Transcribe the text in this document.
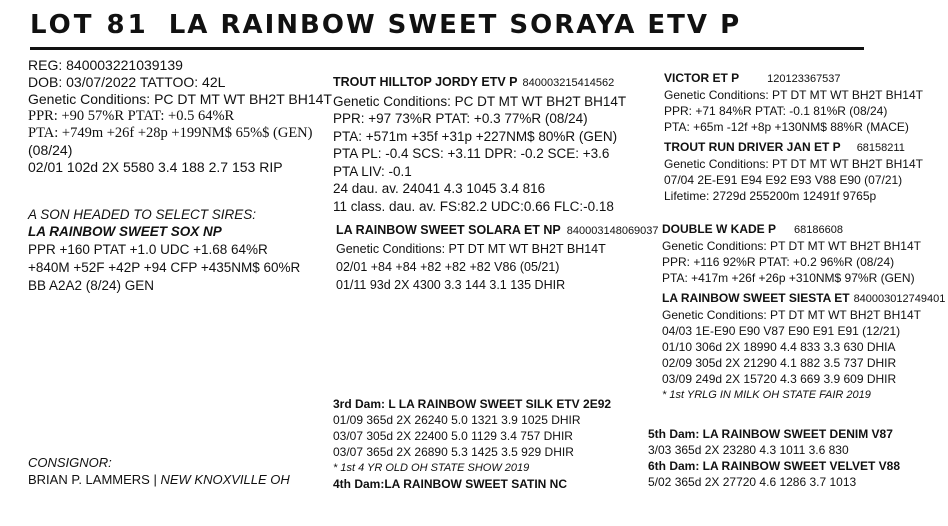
LOT 81 LA RAINBOW SWEET SORAYA ETV P
REG: 840003221039139
DOB: 03/07/2022 TATTOO: 42L
Genetic Conditions: PC DT MT WT BH2T BH14T
PPR: +90 57%R PTAT: +0.5 64%R
PTA: +749m +26f +28p +199NM$ 65%$ (GEN)
(08/24)
02/01 102d 2X 5580 3.4 188 2.7 153 RIP
A SON HEADED TO SELECT SIRES:
LA RAINBOW SWEET SOX NP
PPR +160 PTAT +1.0 UDC +1.68 64%R
+840M +52F +42P +94 CFP +435NM$ 60%R
BB A2A2 (8/24) GEN
CONSIGNOR:
BRIAN P. LAMMERS | NEW KNOXVILLE OH
TROUT HILLTOP JORDY ETV P 840003215414562
Genetic Conditions: PC DT MT WT BH2T BH14T
PPR: +97 73%R PTAT: +0.3 77%R (08/24)
PTA: +571m +35f +31p +227NM$ 80%R (GEN)
PTA PL: -0.4 SCS: +3.11 DPR: -0.2 SCE: +3.6
PTA LIV: -0.1
24 dau. av. 24041 4.3 1045 3.4 816
11 class. dau. av. FS:82.2 UDC:0.66 FLC:-0.18
VICTOR ET P	120123367537
Genetic Conditions: PT DT MT WT BH2T BH14T
PPR: +71 84%R PTAT: -0.1 81%R (08/24)
PTA: +65m -12f +8p +130NM$ 88%R (MACE)
TROUT RUN DRIVER JAN ET P 68158211
Genetic Conditions: PT DT MT WT BH2T BH14T
07/04 2E-E91 E94 E92 E93 V88 E90 (07/21)
Lifetime: 2729d 255200m 12491f 9765p
LA RAINBOW SWEET SOLARA ET NP 840003148069037
Genetic Conditions: PT DT MT WT BH2T BH14T
02/01 +84 +84 +82 +82 +82 V86 (05/21)
01/11 93d 2X 4300 3.3 144 3.1 135 DHIR
DOUBLE W KADE P 68186608
Genetic Conditions: PT DT MT WT BH2T BH14T
PPR: +116 92%R PTAT: +0.2 96%R (08/24)
PTA: +417m +26f +26p +310NM$ 97%R (GEN)
LA RAINBOW SWEET SIESTA ET 840003012749401
Genetic Conditions: PT DT MT WT BH2T BH14T
04/03 1E-E90 E90 V87 E90 E91 E91 (12/21)
01/10 306d 2X 18990 4.4 833 3.3 630 DHIA
02/09 305d 2X 21290 4.1 882 3.5 737 DHIR
03/09 249d 2X 15720 4.3 669 3.9 609 DHIR
* 1st YRLG IN MILK OH STATE FAIR 2019
3rd Dam: L LA RAINBOW SWEET SILK ETV 2E92
01/09 365d 2X 26240 5.0 1321 3.9 1025 DHIR
03/07 305d 2X 22400 5.0 1129 3.4 757 DHIR
03/07 365d 2X 26890 5.3 1425 3.5 929 DHIR
* 1st 4 YR OLD OH STATE SHOW 2019
4th Dam:LA RAINBOW SWEET SATIN NC
5th Dam: LA RAINBOW SWEET DENIM V87
3/03 365d 2X 23280 4.3 1011 3.6 830
6th Dam: LA RAINBOW SWEET VELVET V88
5/02 365d 2X 27720 4.6 1286 3.7 1013
